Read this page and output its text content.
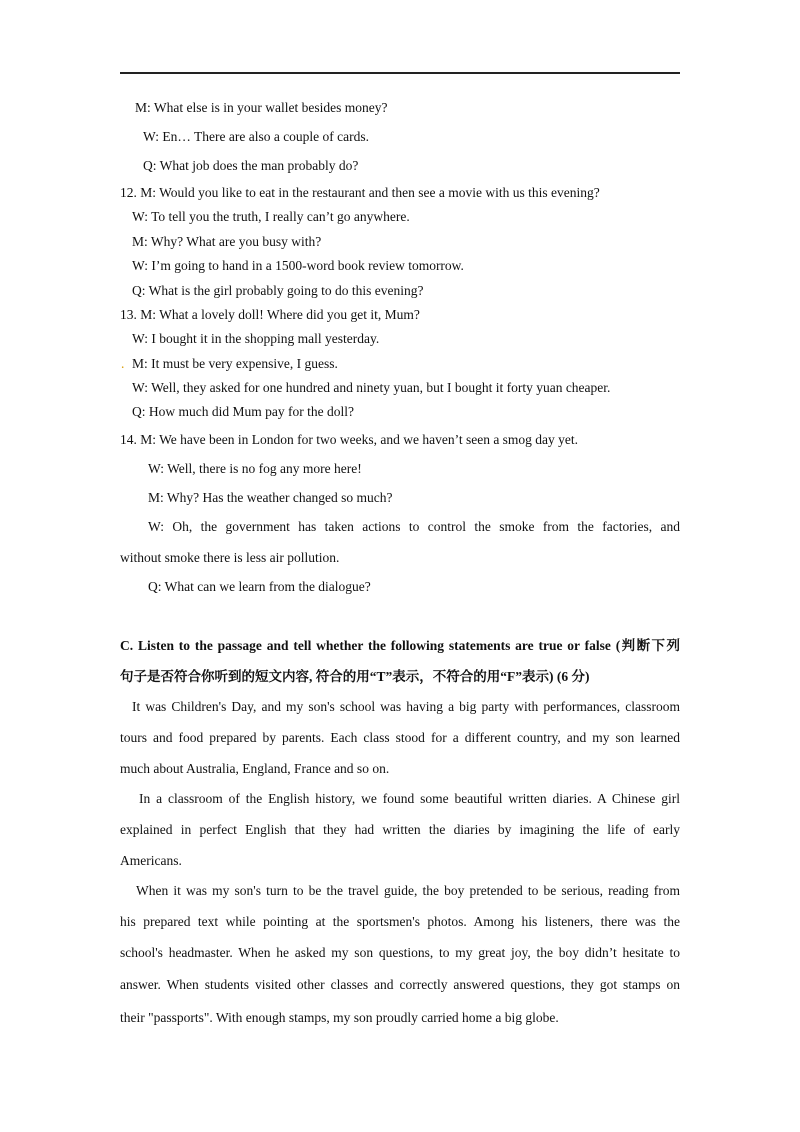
M: What else is in your wallet besides money?
W: En… There are also a couple of cards.
Q: What job does the man probably do?
12. M: Would you like to eat in the restaurant and then see a movie with us this evening?
W: To tell you the truth, I really can’t go anywhere.
M: Why? What are you busy with?
W: I’m going to hand in a 1500-word book review tomorrow.
Q: What is the girl probably going to do this evening?
13. M: What a lovely doll! Where did you get it, Mum?
W: I bought it in the shopping mall yesterday.
. M: It must be very expensive, I guess.
W: Well, they asked for one hundred and ninety yuan, but I bought it forty yuan cheaper.
Q: How much did Mum pay for the doll?
14. M: We have been in London for two weeks, and we haven’t seen a smog day yet.
W: Well, there is no fog any more here!
M: Why? Has the weather changed so much?
W: Oh, the government has taken actions to control the smoke from the factories, and
without smoke there is less air pollution.
Q: What can we learn from the dialogue?
C. Listen to the passage and tell whether the following statements are true or false (判断下列
句子是否符合你听到的短文内容, 符合的用“T”表示，不符合的用“F”表示) (6 分)
It was Children's Day, and my son's school was having a big party with performances, classroom
tours and food prepared by parents. Each class stood for a different country, and my son learned
much about Australia, England, France and so on.
In a classroom of the English history, we found some beautiful written diaries. A Chinese girl
explained in perfect English that they had written the diaries by imagining the life of early
Americans.
When it was my son's turn to be the travel guide, the boy pretended to be serious, reading from
his prepared text while pointing at the sportsmen's photos. Among his listeners, there was the
school's headmaster. When he asked my son questions, to my great joy, the boy didn’t hesitate to
answer. When students visited other classes and correctly answered questions, they got stamps on
their "passports". With enough stamps, my son proudly carried home a big globe.
